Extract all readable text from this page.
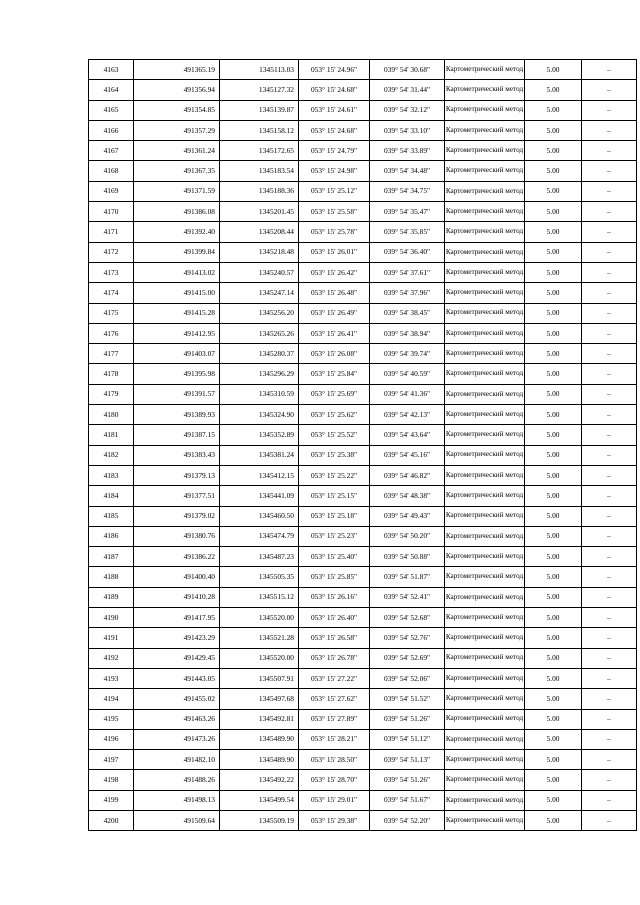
4163	491365.19	1345113.03	053° 15' 24.96"	039° 54' 30.68"	Картометрический метод	5.00	–
4164	491356.94	1345127.32	053° 15' 24.68"	039° 54' 31.44"	Картометрический метод	5.00	–
4165	491354.85	1345139.87	053° 15' 24.61"	039° 54' 32.12"	Картометрический метод	5.00	–
4166	491357.29	1345158.12	053° 15' 24.68"	039° 54' 33.10"	Картометрический метод	5.00	–
4167	491361.24	1345172.65	053° 15' 24.79"	039° 54' 33.89"	Картометрический метод	5.00	–
4168	491367.35	1345183.54	053° 15' 24.98"	039° 54' 34.48"	Картометрический метод	5.00	–
4169	491371.59	1345188.36	053° 15' 25.12"	039° 54' 34.75"	Картометрический метод	5.00	–
4170	491386.08	1345201.45	053° 15' 25.58"	039° 54' 35.47"	Картометрический метод	5.00	–
4171	491392.40	1345208.44	053° 15' 25.78"	039° 54' 35.85"	Картометрический метод	5.00	–
4172	491399.84	1345218.48	053° 15' 26.01"	039° 54' 36.40"	Картометрический метод	5.00	–
4173	491413.02	1345240.57	053° 15' 26.42"	039° 54' 37.61"	Картометрический метод	5.00	–
4174	491415.00	1345247.14	053° 15' 26.48"	039° 54' 37.96"	Картометрический метод	5.00	–
4175	491415.28	1345256.20	053° 15' 26.49"	039° 54' 38.45"	Картометрический метод	5.00	–
4176	491412.95	1345265.26	053° 15' 26.41"	039° 54' 38.94"	Картометрический метод	5.00	–
4177	491403.07	1345280.37	053° 15' 26.08"	039° 54' 39.74"	Картометрический метод	5.00	–
4178	491395.98	1345296.29	053° 15' 25.84"	039° 54' 40.59"	Картометрический метод	5.00	–
4179	491391.57	1345310.59	053° 15' 25.69"	039° 54' 41.36"	Картометрический метод	5.00	–
4180	491389.93	1345324.90	053° 15' 25.62"	039° 54' 42.13"	Картометрический метод	5.00	–
4181	491387.15	1345352.89	053° 15' 25.52"	039° 54' 43.64"	Картометрический метод	5.00	–
4182	491383.43	1345381.24	053° 15' 25.38"	039° 54' 45.16"	Картометрический метод	5.00	–
4183	491379.13	1345412.15	053° 15' 25.22"	039° 54' 46.82"	Картометрический метод	5.00	–
4184	491377.51	1345441.09	053° 15' 25.15"	039° 54' 48.38"	Картометрический метод	5.00	–
4185	491379.02	1345460.50	053° 15' 25.18"	039° 54' 49.43"	Картометрический метод	5.00	–
4186	491380.76	1345474.79	053° 15' 25.23"	039° 54' 50.20"	Картометрический метод	5.00	–
4187	491386.22	1345487.23	053° 15' 25.40"	039° 54' 50.88"	Картометрический метод	5.00	–
4188	491400.40	1345505.35	053° 15' 25.85"	039° 54' 51.87"	Картометрический метод	5.00	–
4189	491410.28	1345515.12	053° 15' 26.16"	039° 54' 52.41"	Картометрический метод	5.00	–
4190	491417.95	1345520.00	053° 15' 26.40"	039° 54' 52.68"	Картометрический метод	5.00	–
4191	491423.29	1345521.28	053° 15' 26.58"	039° 54' 52.76"	Картометрический метод	5.00	–
4192	491429.45	1345520.00	053° 15' 26.78"	039° 54' 52.69"	Картометрический метод	5.00	–
4193	491443.05	1345507.91	053° 15' 27.22"	039° 54' 52.06"	Картометрический метод	5.00	–
4194	491455.02	1345497.68	053° 15' 27.62"	039° 54' 51.52"	Картометрический метод	5.00	–
4195	491463.26	1345492.81	053° 15' 27.89"	039° 54' 51.26"	Картометрический метод	5.00	–
4196	491473.26	1345489.90	053° 15' 28.21"	039° 54' 51.12"	Картометрический метод	5.00	–
4197	491482.10	1345489.90	053° 15' 28.50"	039° 54' 51.13"	Картометрический метод	5.00	–
4198	491488.26	1345492.22	053° 15' 28.70"	039° 54' 51.26"	Картометрический метод	5.00	–
4199	491498.13	1345499.54	053° 15' 29.01"	039° 54' 51.67"	Картометрический метод	5.00	–
4200	491509.64	1345509.19	053° 15' 29.38"	039° 54' 52.20"	Картометрический метод	5.00	–
